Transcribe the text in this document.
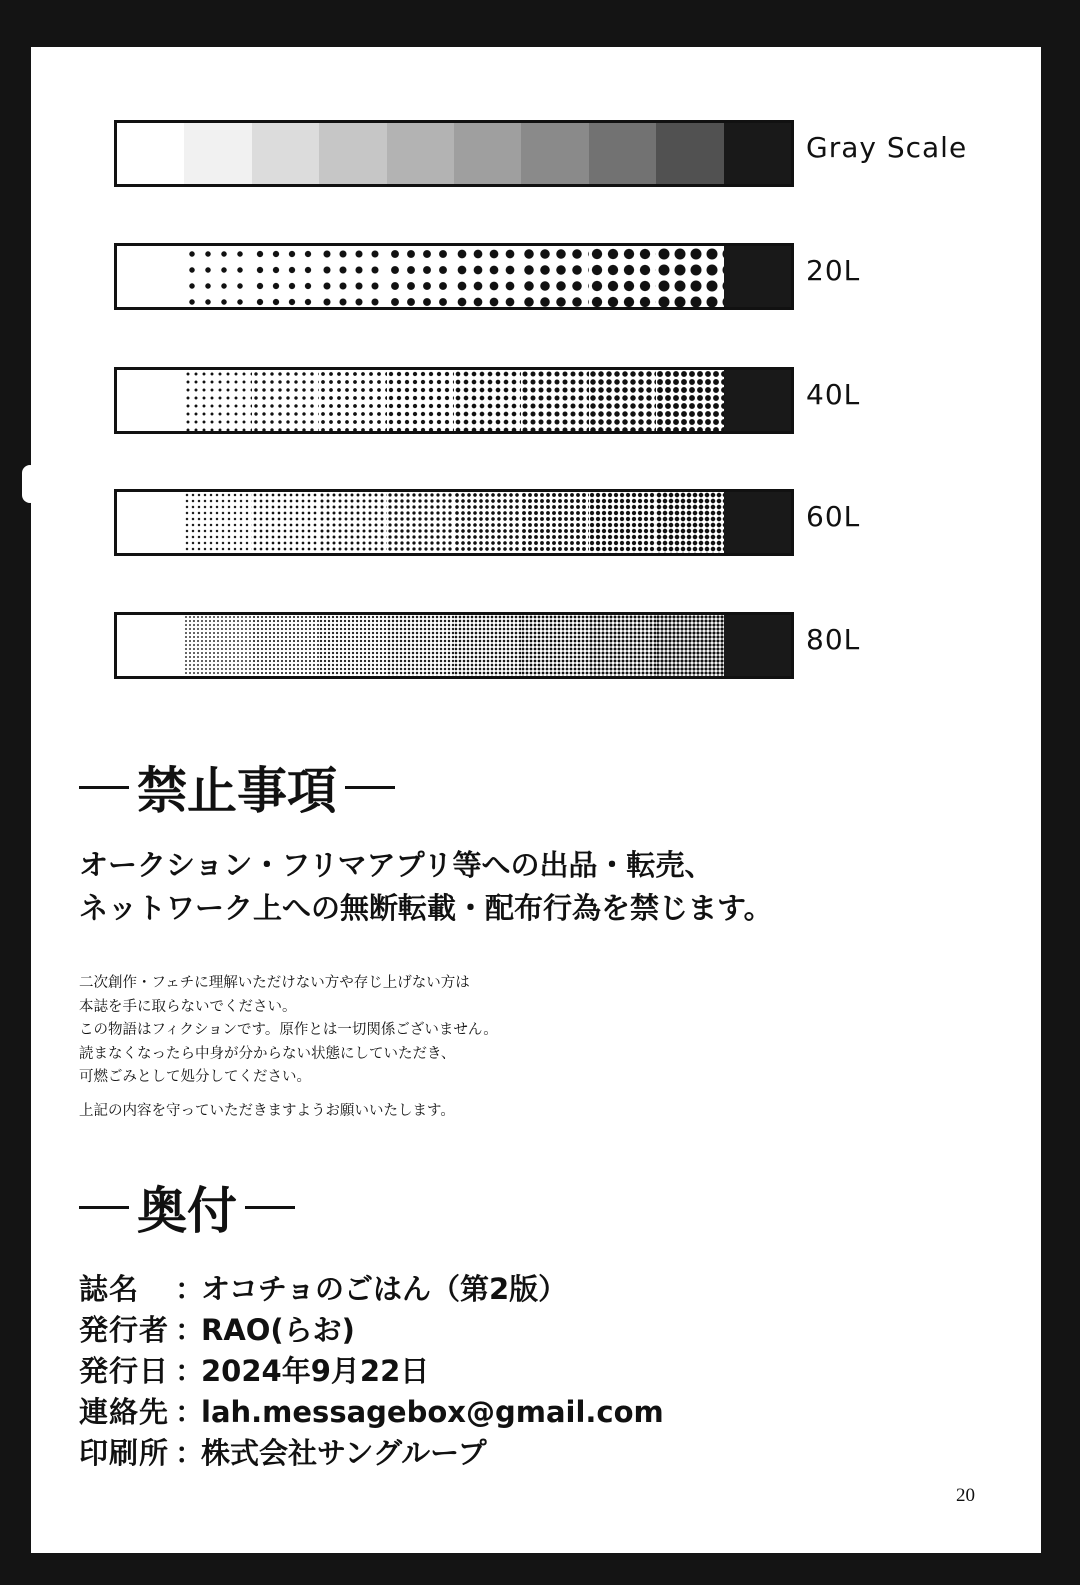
Gray Scale
20L
40L
60L
80L
禁止事項
オークション・フリマアプリ等への出品・転売、
ネットワーク上への無断転載・配布行為を禁じます。
二次創作・フェチに理解いただけない方や存じ上げない方は
本誌を手に取らないでください。
この物語はフィクションです。原作とは一切関係ございません。
読まなくなったら中身が分からない状態にしていただき、
可燃ごみとして処分してください。
上記の内容を守っていただきますようお願いいたします。
奥付
誌名	：
オコチョのごはん（第2版）
発行者 ：
RAO(らお)
発行日 ：
2024年9月22日
連絡先 ：
lah.messagebox@gmail.com
印刷所 ：
株式会社サングループ
20
